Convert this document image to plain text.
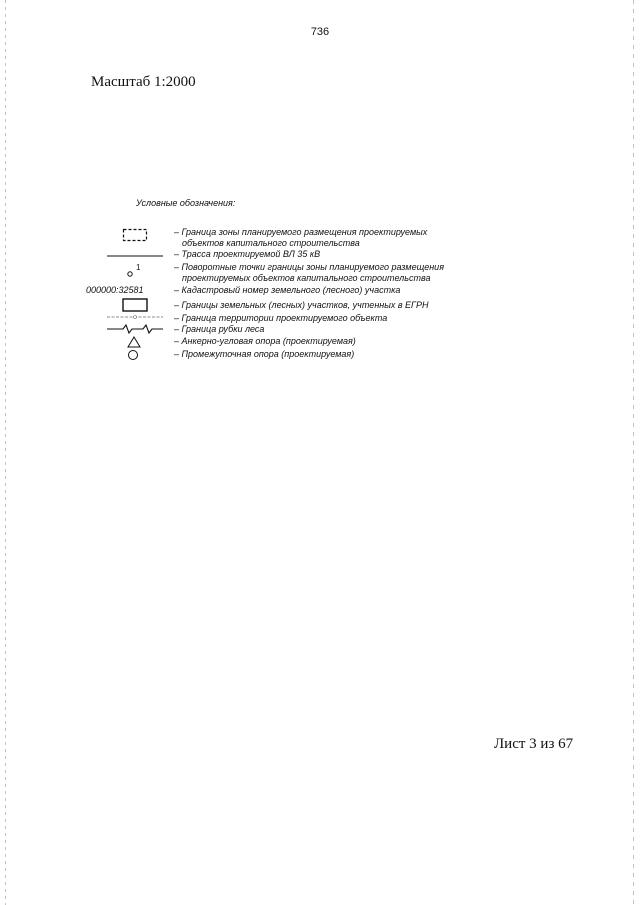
736
Масштаб 1:2000
Условные обозначения:
– Граница зоны планируемого размещения проектируемых
объектов капитального строительства
– Трасса проектируемой ВЛ 35 кВ
1	– Поворотные точки границы зоны планируемого размещения
проектируемых объектов капитального строительства
000000:32581	– Кадастровый номер земельного (лесного) участка
– Границы земельных (лесных) участков, учтенных в ЕГРН
– Граница территории проектируемого объекта
– Граница рубки леса
– Анкерно-угловая опора (проектируемая)
– Промежуточная опора (проектируемая)
Лист 3 из 67
